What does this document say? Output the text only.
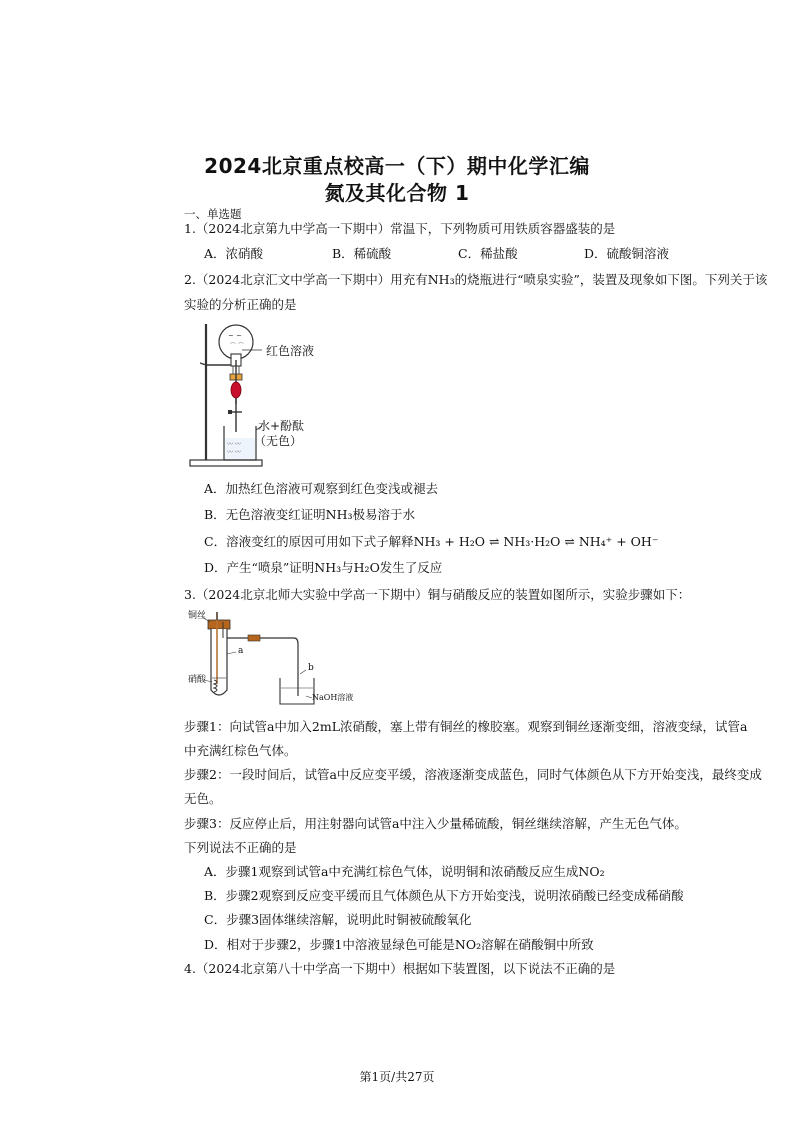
2024北京重点校高一（下）期中化学汇编
氮及其化合物 1
一、单选题
1.（2024北京第九中学高一下期中）常温下，下列物质可用铁质容器盛装的是
A．浓硝酸	B．稀硫酸	C．稀盐酸	D．硫酸铜溶液
2.（2024北京汇文中学高一下期中）用充有NH₃的烧瓶进行“喷泉实验”，装置及现象如下图。下列关于该
实验的分析正确的是
~ ~
⌒ ⌒
〰 〰
〰 〰
红色溶液
水+酚酞
（无色）
A．加热红色溶液可观察到红色变浅或褪去
B．无色溶液变红证明NH₃极易溶于水
C．溶液变红的原因可用如下式子解释NH₃ + H₂O ⇌ NH₃·H₂O ⇌ NH₄⁺ + OH⁻
D．产生“喷泉”证明NH₃与H₂O发生了反应
3.（2024北京北师大实验中学高一下期中）铜与硝酸反应的装置如图所示，实验步骤如下：
铜丝
硝酸
a
b
NaOH溶液
步骤1：向试管a中加入2mL浓硝酸，塞上带有铜丝的橡胶塞。观察到铜丝逐渐变细，溶液变绿，试管a
中充满红棕色气体。
步骤2：一段时间后，试管a中反应变平缓，溶液逐渐变成蓝色，同时气体颜色从下方开始变浅，最终变成
无色。
步骤3：反应停止后，用注射器向试管a中注入少量稀硫酸，铜丝继续溶解，产生无色气体。
下列说法不正确的是
A．步骤1观察到试管a中充满红棕色气体，说明铜和浓硝酸反应生成NO₂
B．步骤2观察到反应变平缓而且气体颜色从下方开始变浅，说明浓硝酸已经变成稀硝酸
C．步骤3固体继续溶解，说明此时铜被硫酸氧化
D．相对于步骤2，步骤1中溶液显绿色可能是NO₂溶解在硝酸铜中所致
4.（2024北京第八十中学高一下期中）根据如下装置图，以下说法不正确的是
第1页/共27页
